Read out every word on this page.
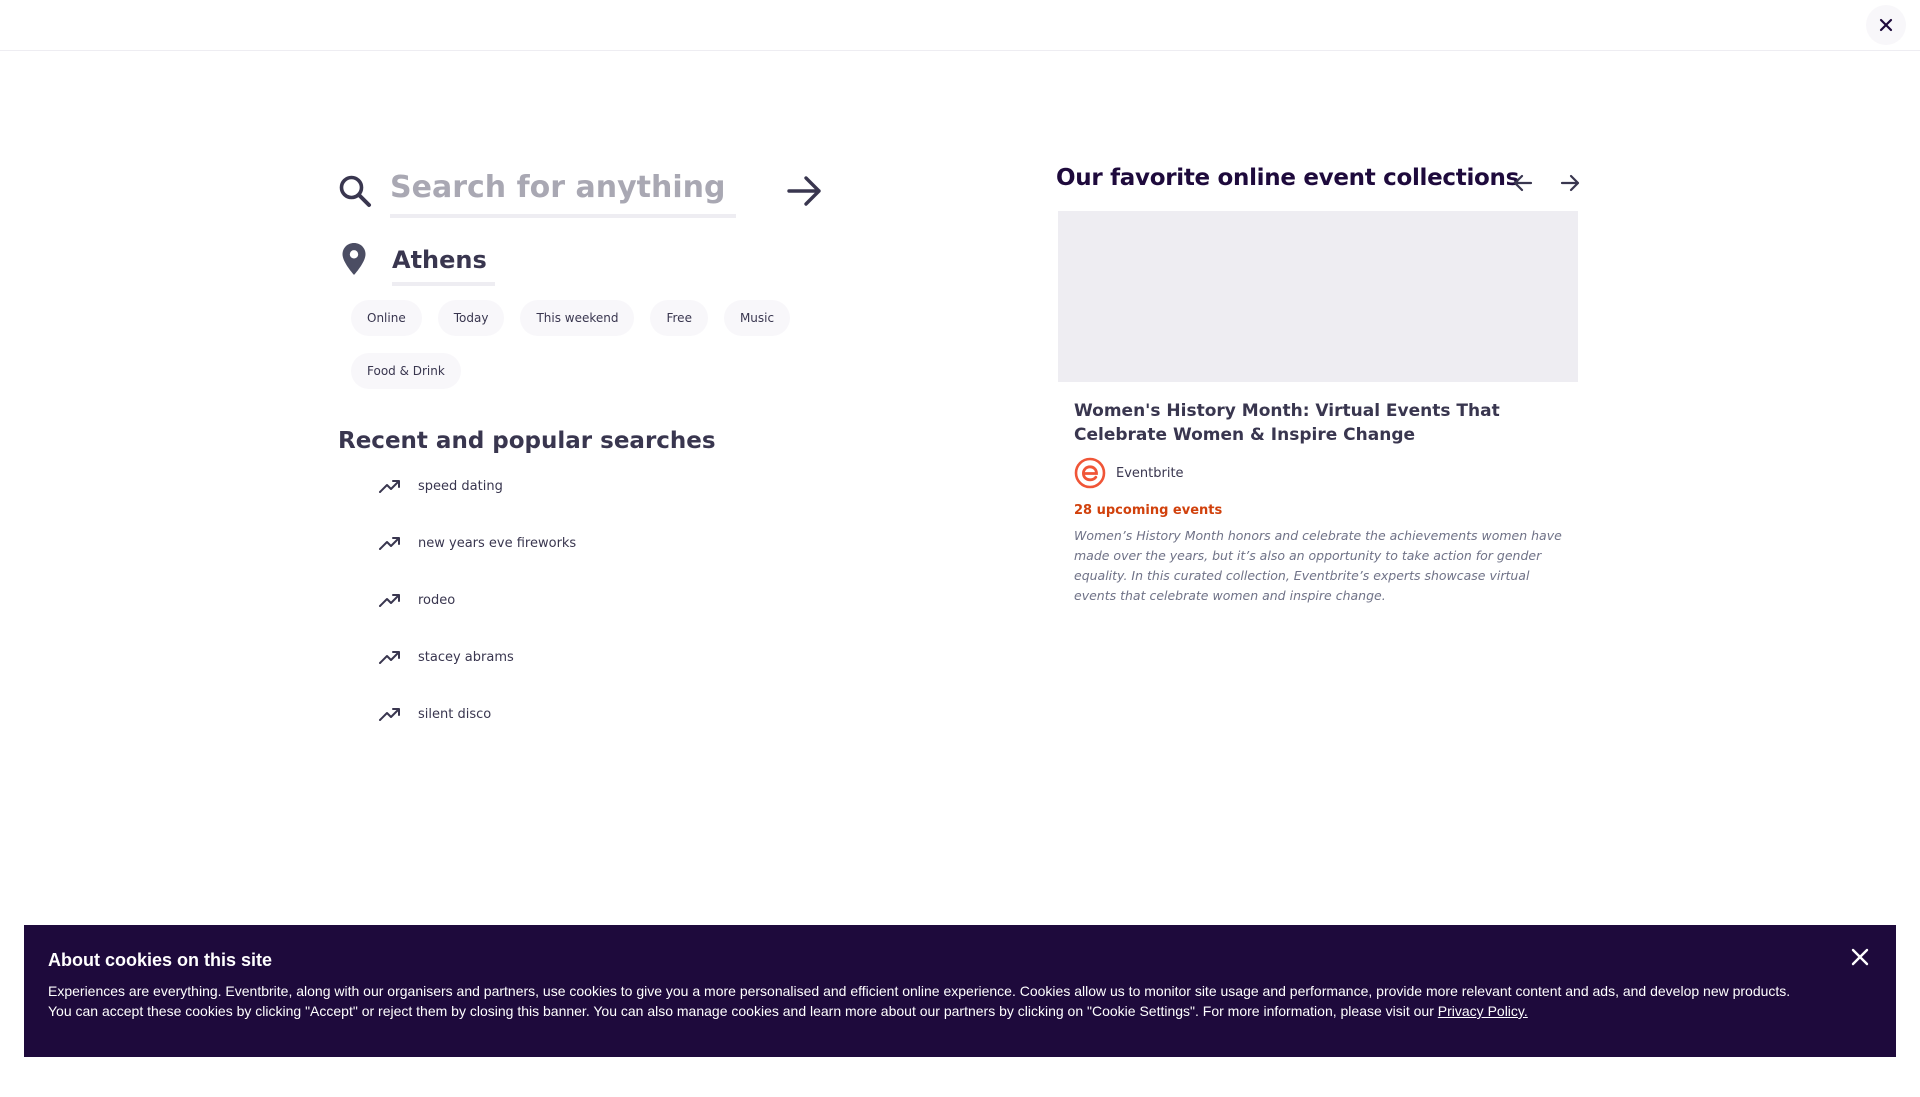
Search for anything
Athens
Online	Today	This weekend	Free	Music
Food & Drink
Recent and popular searches
speed dating
new years eve fireworks
rodeo
stacey abrams
silent disco
Our favorite online event collections
Women's History Month: Virtual Events That Celebrate Women & Inspire Change
Eventbrite
28 upcoming events
Women’s History Month honors and celebrate the achievements women have made over the years, but it’s also an opportunity to take action for gender equality. In this curated collection, Eventbrite’s experts showcase virtual events that celebrate women and inspire change.
About cookies on this site
Experiences are everything. Eventbrite, along with our organisers and partners, use cookies to give you a more personalised and efficient online experience. Cookies allow us to monitor site usage and performance, provide more relevant content and ads, and develop new products.
You can accept these cookies by clicking "Accept" or reject them by closing this banner. You can also manage cookies and learn more about our partners by clicking on "Cookie Settings". For more information, please visit our Privacy Policy.
